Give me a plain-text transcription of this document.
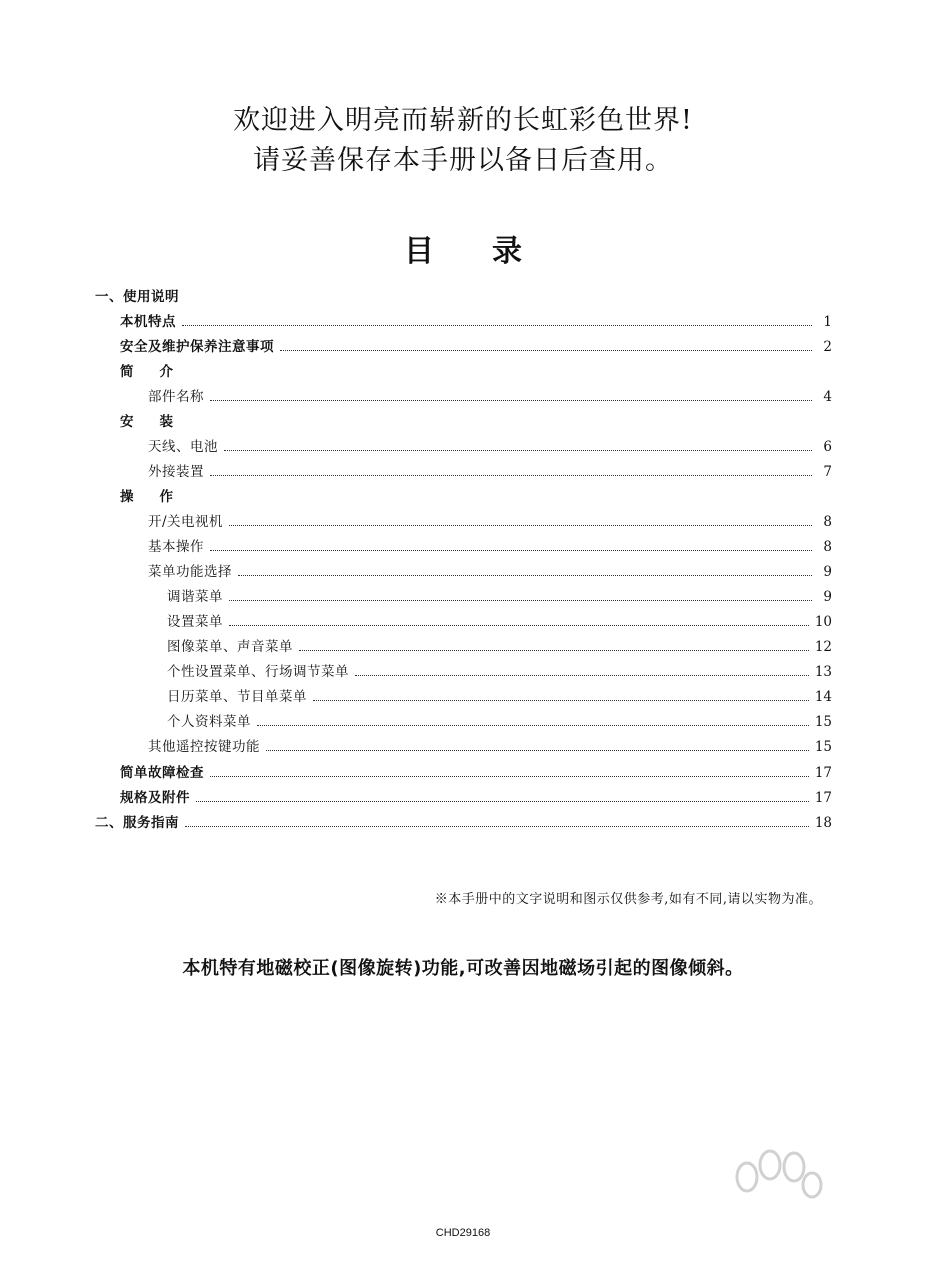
欢迎进入明亮而崭新的长虹彩色世界!
请妥善保存本手册以备日后查用。
目录
一、使用说明
本机特点	1
安全及维护保养注意事项	2
简介
部件名称	4
安装
天线、电池	6
外接装置	7
操作
开/关电视机	8
基本操作	8
菜单功能选择	9
调谐菜单	9
设置菜单	10
图像菜单、声音菜单	12
个性设置菜单、行场调节菜单	13
日历菜单、节目单菜单	14
个人资料菜单	15
其他遥控按键功能	15
简单故障检查	17
规格及附件	17
二、服务指南	18
※本手册中的文字说明和图示仅供参考,如有不同,请以实物为准。
本机特有地磁校正(图像旋转)功能,可改善因地磁场引起的图像倾斜。
CHD29168
